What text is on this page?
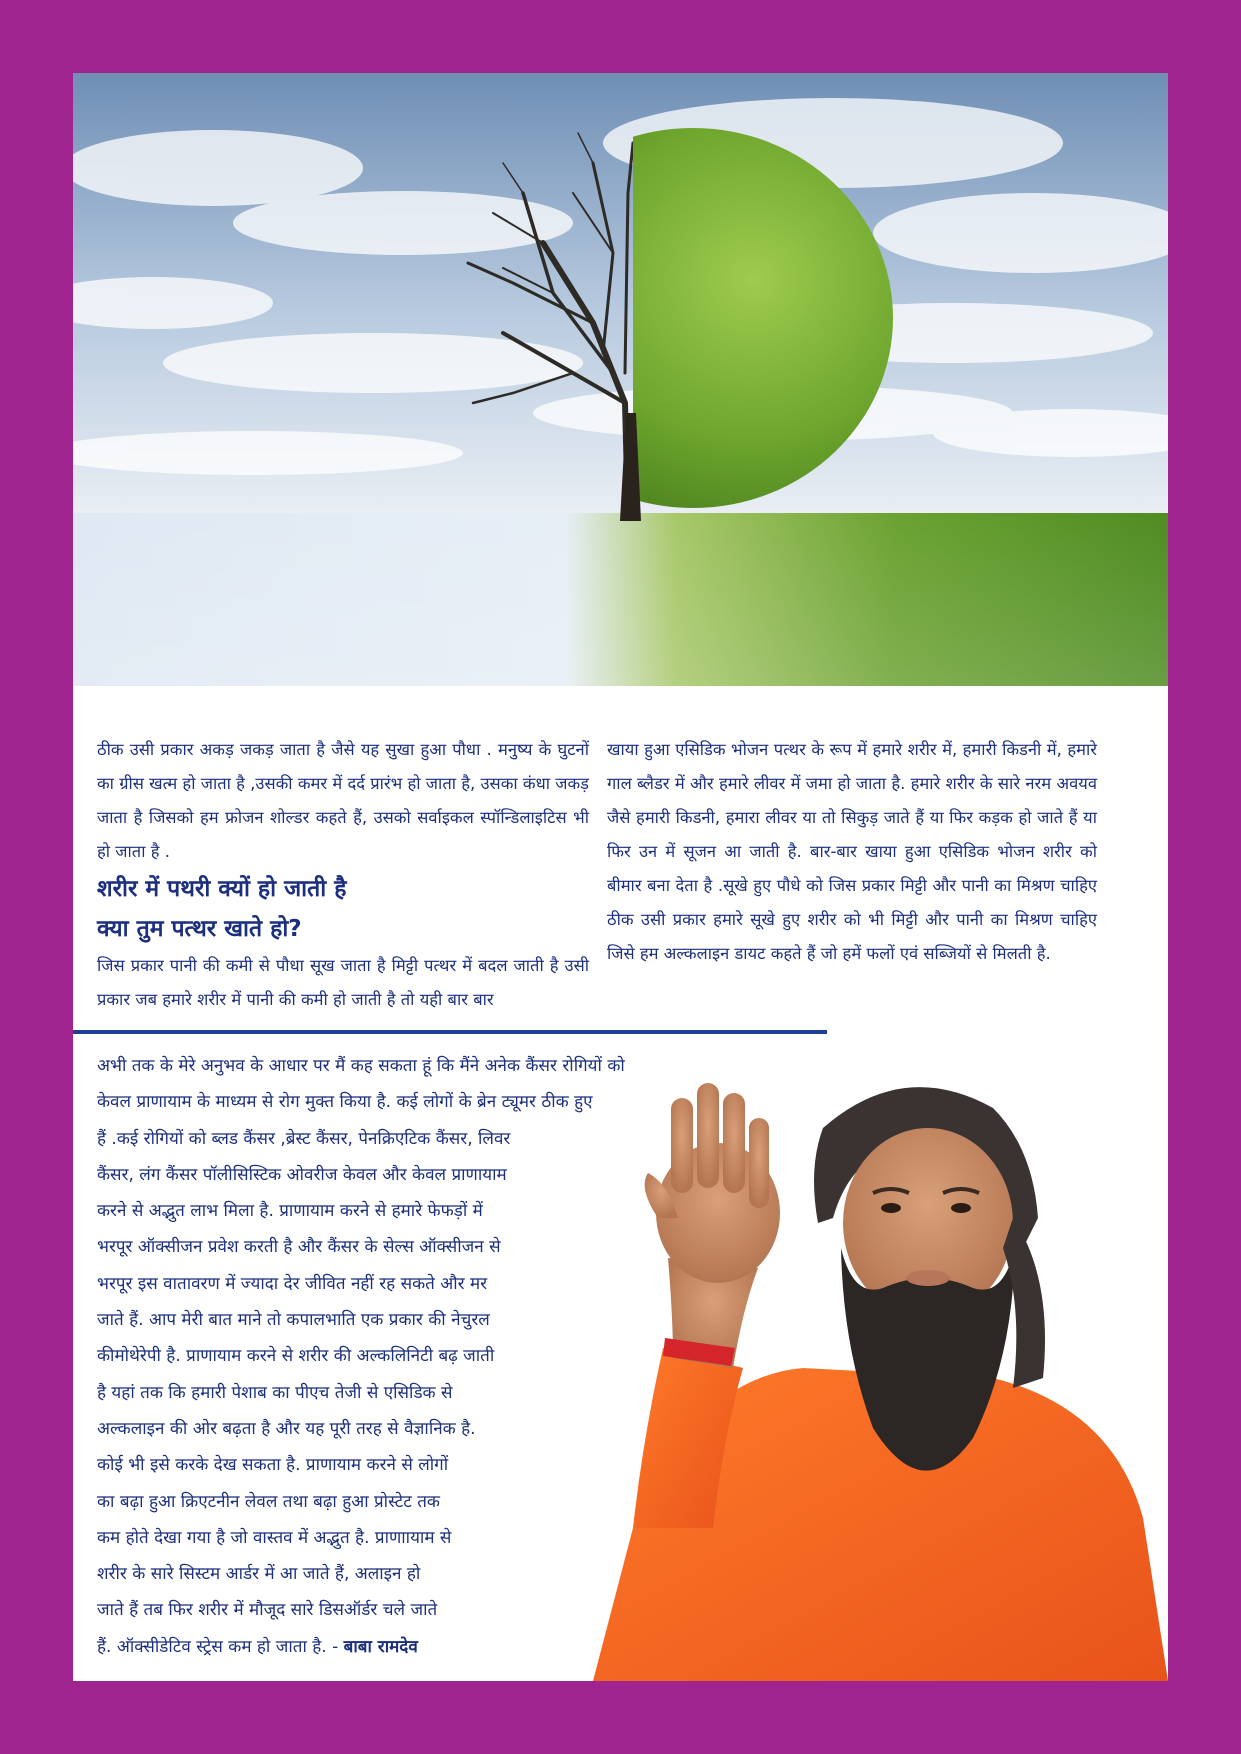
ठीक उसी प्रकार अकड़ जकड़ जाता है जैसे यह सुखा हुआ पौधा . मनुष्य के घुटनों का ग्रीस खत्म हो जाता है ,उसकी कमर में दर्द प्रारंभ हो जाता है, उसका कंधा जकड़ जाता है जिसको हम फ्रोजन शोल्डर कहते हैं, उसको सर्वाइकल स्पॉन्डिलाइटिस भी हो जाता है .

शरीर में पथरी क्यों हो जाती है

क्या तुम पत्थर खाते हो?

जिस प्रकार पानी की कमी से पौधा सूख जाता है मिट्टी पत्थर में बदल जाती है उसी प्रकार जब हमारे शरीर में पानी की कमी हो जाती है तो यही बार बार

खाया हुआ एसिडिक भोजन पत्थर के रूप में हमारे शरीर में, हमारी किडनी में, हमारे गाल ब्लैडर में और हमारे लीवर में जमा हो जाता है. हमारे शरीर के सारे नरम अवयव जैसे हमारी किडनी, हमारा लीवर या तो सिकुड़ जाते हैं या फिर कड़क हो जाते हैं या फिर उन में सूजन आ जाती है. बार-बार खाया हुआ एसिडिक भोजन शरीर को बीमार बना देता है .सूखे हुए पौधे को जिस प्रकार मिट्टी और पानी का मिश्रण चाहिए ठीक उसी प्रकार हमारे सूखे हुए शरीर को भी मिट्टी और पानी का मिश्रण चाहिए जिसे हम अल्कलाइन डायट कहते हैं जो हमें फलों एवं सब्जियों से मिलती है.

अभी तक के मेरे अनुभव के आधार पर मैं कह सकता हूं कि मैंने अनेक कैंसर रोगियों को
केवल प्राणायाम के माध्यम से रोग मुक्त किया है. कई लोगों के ब्रेन ट्यूमर ठीक हुए
हैं .कई रोगियों को ब्लड कैंसर ,ब्रेस्ट कैंसर, पेनक्रिएटिक कैंसर, लिवर
कैंसर, लंग कैंसर पॉलीसिस्टिक ओवरीज केवल और केवल प्राणायाम
करने से अद्भुत लाभ मिला है. प्राणायाम करने से हमारे फेफड़ों में
भरपूर ऑक्सीजन प्रवेश करती है और कैंसर के सेल्स ऑक्सीजन से
भरपूर इस वातावरण में ज्यादा देर जीवित नहीं रह सकते और मर
जाते हैं. आप मेरी बात माने तो कपालभाति एक प्रकार की नेचुरल
कीमोथेरेपी है. प्राणायाम करने से शरीर की अल्कलिनिटी बढ़ जाती
है यहां तक कि हमारी पेशाब का पीएच तेजी से एसिडिक से
अल्कलाइन की ओर बढ़ता है और यह पूरी तरह से वैज्ञानिक है.
कोई भी इसे करके देख सकता है. प्राणायाम करने से लोगों
का बढ़ा हुआ क्रिएटनीन लेवल तथा बढ़ा हुआ प्रोस्टेट तक
कम होते देखा गया है जो वास्तव में अद्भुत है. प्राणाायाम से
शरीर के सारे सिस्टम आर्डर में आ जाते हैं, अलाइन हो
जाते हैं तब फिर शरीर में मौजूद सारे डिसऑर्डर चले जाते
हैं. ऑक्सीडेटिव स्ट्रेस कम हो जाता है. - बाबा रामदेव
